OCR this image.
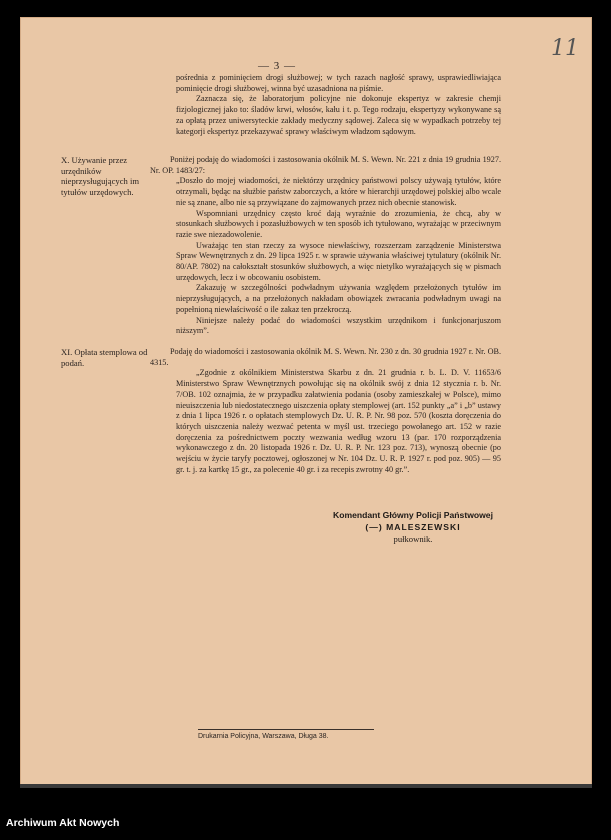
11
— 3 —

pośrednia z pominięciem drogi służbowej; w tych razach nagłość sprawy, usprawiedliwiająca pominięcie drogi służbowej, winna być uzasadniona na piśmie.

Zaznacza się, że laboratorjum policyjne nie dokonuje ekspertyz w zakresie chemji fizjologicznej jako to: śladów krwi, włosów, kału i t. p. Tego rodzaju, ekspertyzy wykonywane są za opłatą przez uniwersyteckie zakłady medyczny sądowej. Zaleca się w wypadkach potrzeby tej kategorji ekspertyz przekazywać sprawy właściwym władzom sądowym.

X. Używanie przez urzędników nieprzysługujących im tytułów urzędowych.

Poniżej podaję do wiadomości i zastosowania okólnik M. S. Wewn. Nr. 221 z dnia 19 grudnia 1927. Nr. OP. 1483/27:

„Doszło do mojej wiadomości, że niektórzy urzędnicy państwowi polscy używają tytułów, które otrzymali, będąc na służbie państw zaborczych, a które w hierarchji urzędowej polskiej albo wcale nie są znane, albo nie są przywiązane do zajmowanych przez nich obecnie stanowisk.

Wspomniani urzędnicy często kroć dają wyraźnie do zrozumienia, że chcą, aby w stosunkach służbowych i pozasłużbowych w ten sposób ich tytułowano, wyrażając w przeciwnym razie swe niezadowolenie.

Uważając ten stan rzeczy za wysoce niewłaściwy, rozszerzam zarządzenie Ministerstwa Spraw Wewnętrznych z dn. 29 lipca 1925 r. w sprawie używania właściwej tytulatury (okólnik Nr. 80/AP. 7802) na całokształt stosunków służbowych, a więc nietylko wyrażających się w pismach urzędowych, lecz i w obcowaniu osobistem.

Zakazuję w szczególności podwładnym używania względem przełożonych tytułów im nieprzysługujących, a na przełożonych nakładam obowiązek zwracania podwładnym uwagi na popełnioną niewłaściwość o ile zakaz ten przekroczą.

Niniejsze należy podać do wiadomości wszystkim urzędnikom i funkcjonarjuszom niższym”.

XI. Opłata stemplowa od podań.

Podaję do wiadomości i zastosowania okólnik M. S. Wewn. Nr. 230 z dn. 30 grudnia 1927 r. Nr. OB. 4315.

„Zgodnie z okólnikiem Ministerstwa Skarbu z dn. 21 grudnia r. b. L. D. V. 11653/6 Ministerstwo Spraw Wewnętrznych powołując się na okólnik swój z dnia 12 stycznia r. b. Nr. 7/OB. 102 oznajmia, że w przypadku załatwienia podania (osoby zamieszkałej w Polsce), mimo nieuiszczenia lub niedostatecznego uiszczenia opłaty stemplowej (art. 152 punkty „a” i „b” ustawy z dnia 1 lipca 1926 r. o opłatach stemplowych Dz. U. R. P. Nr. 98 poz. 570 (koszta doręczenia do których uiszczenia należy wezwać petenta w myśl ust. trzeciego powołanego art. 152 w razie doręczenia za pośrednictwem poczty wezwania według wzoru 13 (par. 170 rozporządzenia wykonawczego z dn. 20 listopada 1926 r. Dz. U. R. P. Nr. 123 poz. 713), wynoszą obecnie (po wejściu w życie taryfy pocztowej, ogłoszonej w Nr. 104 Dz. U. R. P. 1927 r. pod poz. 905) — 95 gr. t. j. za kartkę 15 gr., za polecenie 40 gr. i za recepis zwrotny 40 gr.”.

Komendant Główny Policji Państwowej
(—) MALESZEWSKI
pułkownik.
Drukarnia Policyjna, Warszawa, Długa 38.
Archiwum Akt Nowych
